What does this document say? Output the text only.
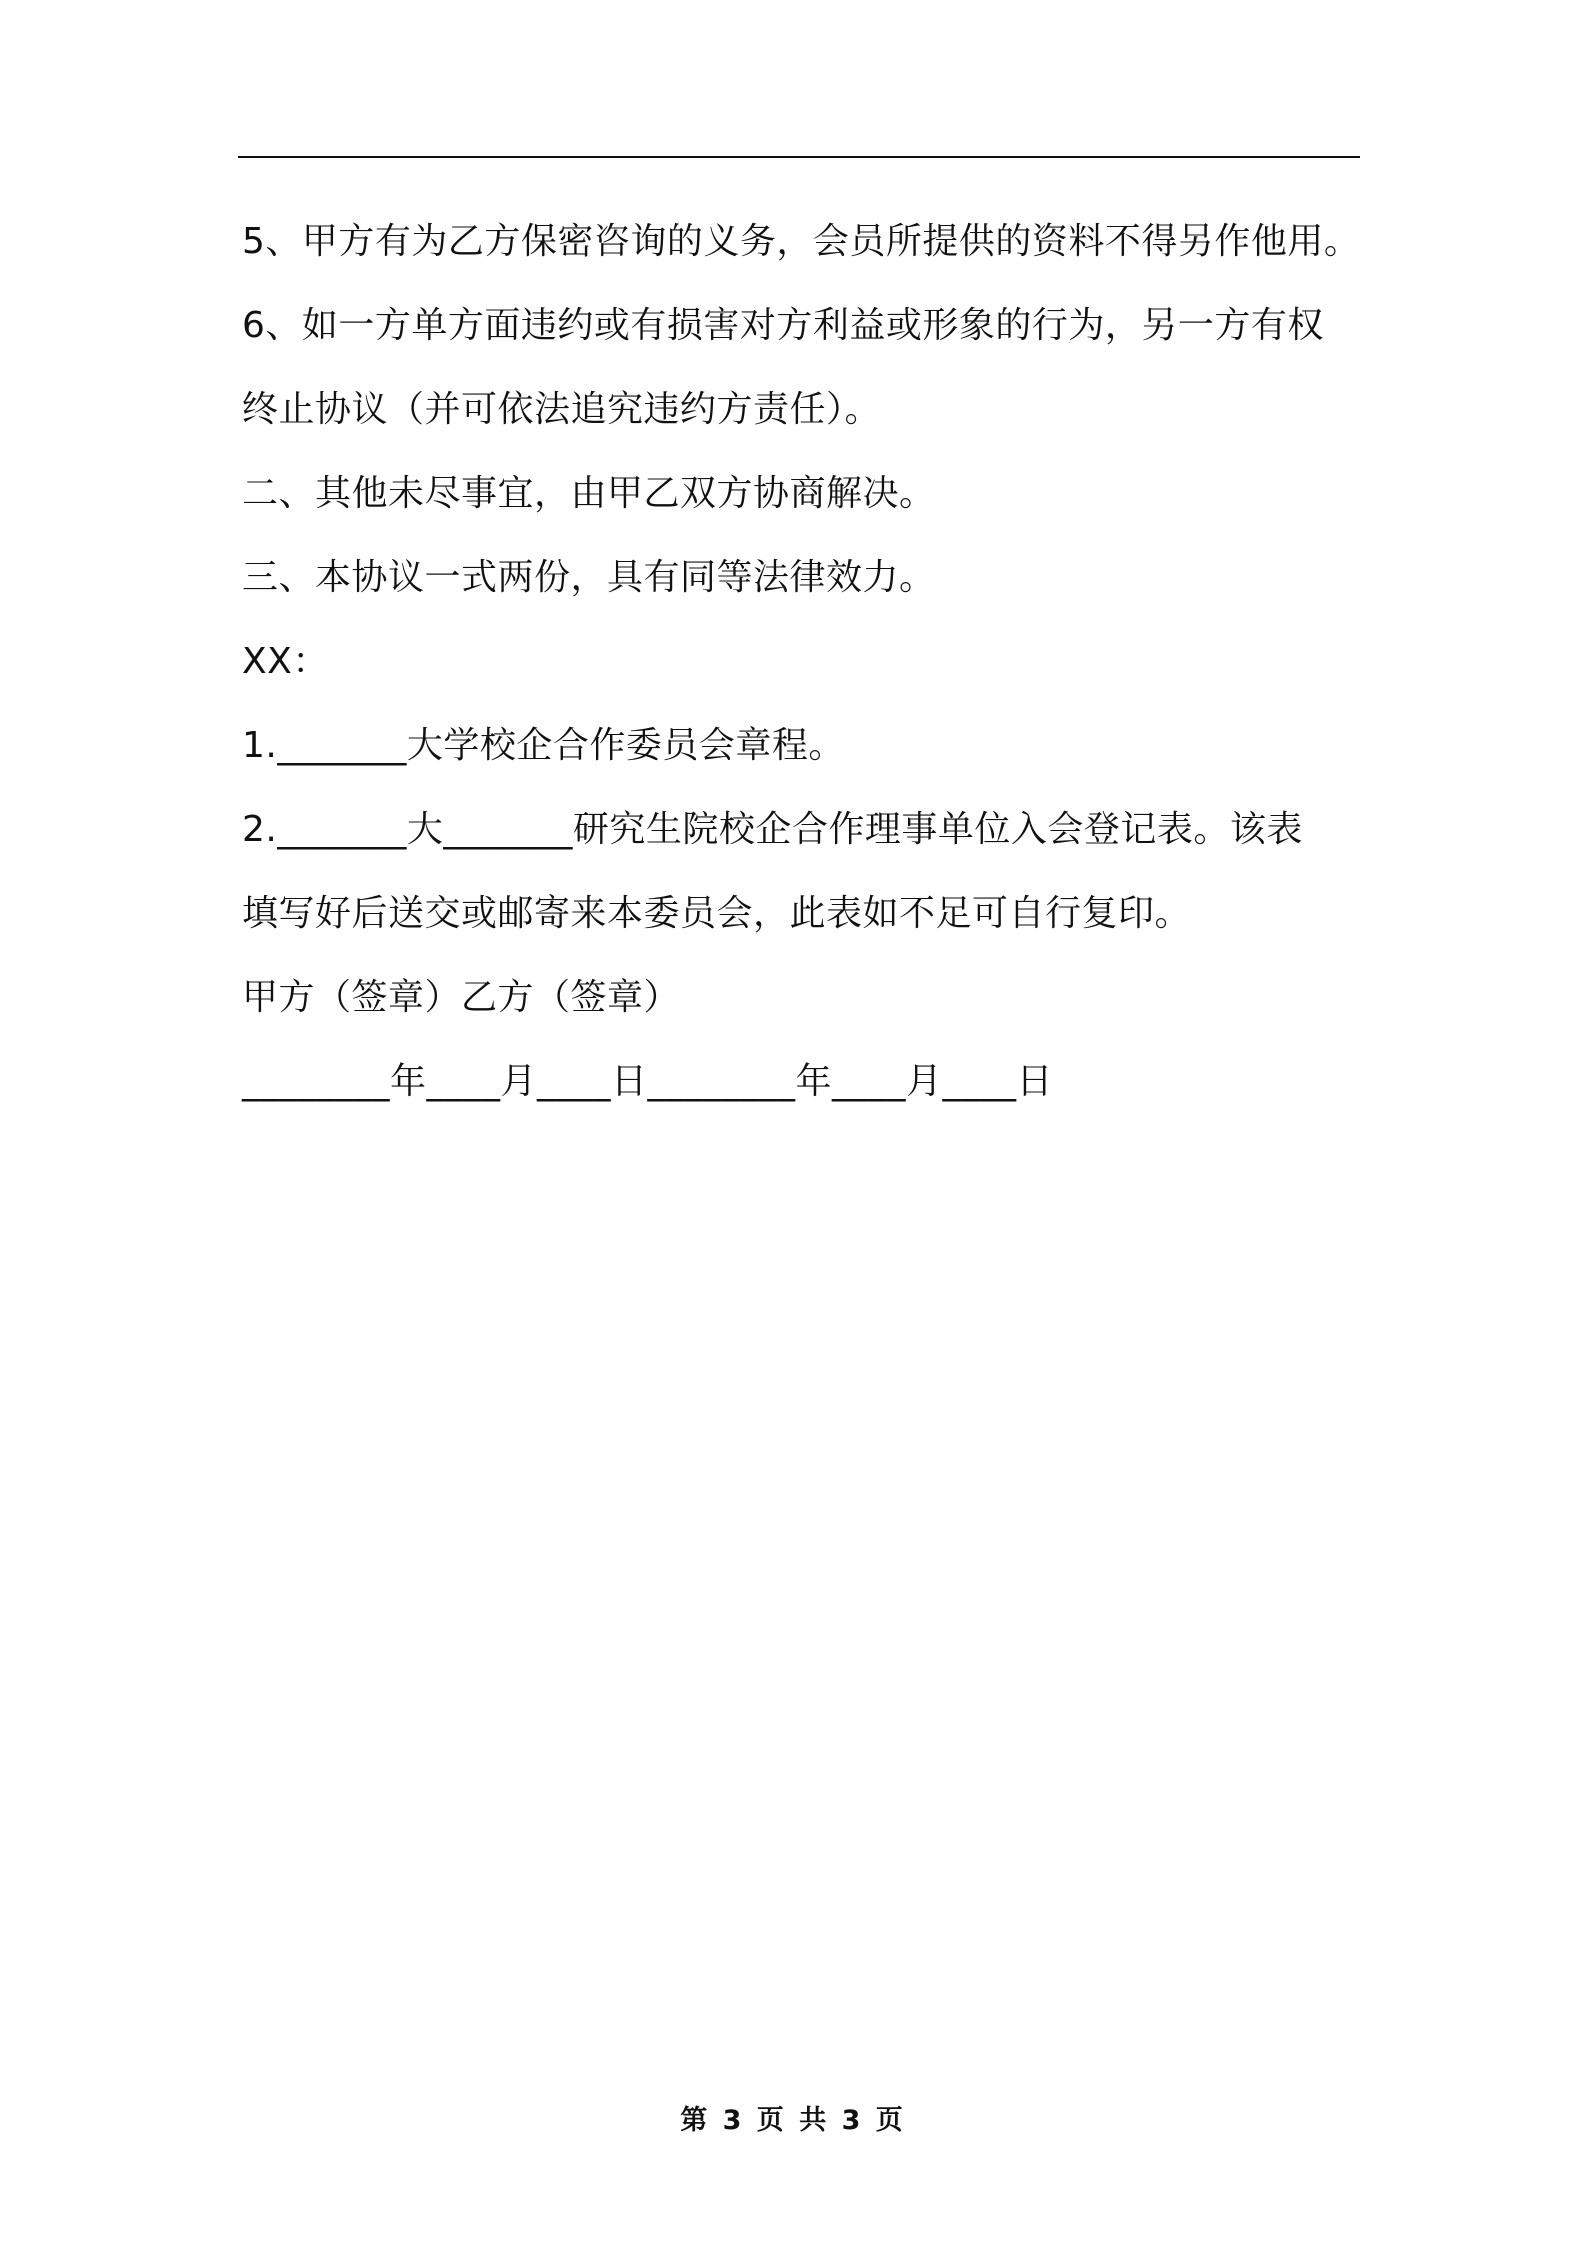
5、甲方有为乙方保密咨询的义务，会员所提供的资料不得另作他用。
6、如一方单方面违约或有损害对方利益或形象的行为，另一方有权
终止协议（并可依法追究违约方责任）。
二、其他未尽事宜，由甲乙双方协商解决。
三、本协议一式两份，具有同等法律效力。
XX：
1._______大学校企合作委员会章程。
2._______大_______研究生院校企合作理事单位入会登记表。该表
填写好后送交或邮寄来本委员会，此表如不足可自行复印。
甲方（签章）乙方（签章）
________年____月____日________年____月____日
第 3 页 共 3 页
